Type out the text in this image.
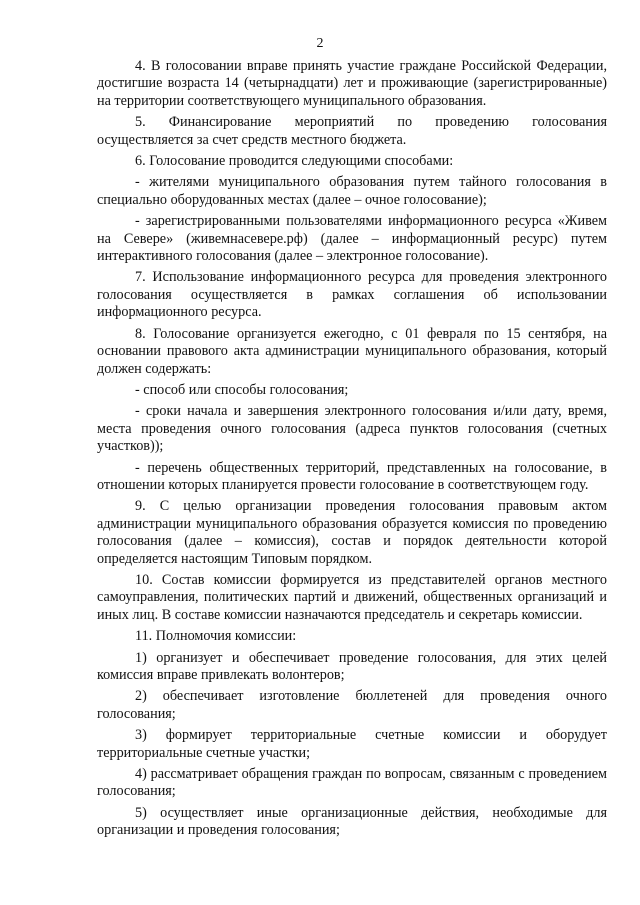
2

4. В голосовании вправе принять участие граждане Российской Федерации, достигшие возраста 14 (четырнадцати) лет и проживающие (зарегистрированные) на территории соответствующего муниципального образования.

5. Финансирование мероприятий по проведению голосования осуществляется за счет средств местного бюджета.

6. Голосование проводится следующими способами:

- жителями муниципального образования путем тайного голосования в специально оборудованных местах (далее – очное голосование);

- зарегистрированными пользователями информационного ресурса «Живем на Севере» (живемнасевере.рф) (далее – информационный ресурс) путем интерактивного голосования (далее – электронное голосование).

7. Использование информационного ресурса для проведения электронного голосования осуществляется в рамках соглашения об использовании информационного ресурса.

8. Голосование организуется ежегодно, с 01 февраля по 15 сентября, на основании правового акта администрации муниципального образования, который должен содержать:

- способ или способы голосования;

- сроки начала и завершения электронного голосования и/или дату, время, места проведения очного голосования (адреса пунктов голосования (счетных участков));

- перечень общественных территорий, представленных на голосование, в отношении которых планируется провести голосование в соответствующем году.

9. С целью организации проведения голосования правовым актом администрации муниципального образования образуется комиссия по проведению голосования (далее – комиссия), состав и порядок деятельности которой определяется настоящим Типовым порядком.

10. Состав комиссии формируется из представителей органов местного самоуправления, политических партий и движений, общественных организаций и иных лиц. В составе комиссии назначаются председатель и секретарь комиссии.

11. Полномочия комиссии:

1) организует и обеспечивает проведение голосования, для этих целей комиссия вправе привлекать волонтеров;

2) обеспечивает изготовление бюллетеней для проведения очного голосования;

3) формирует территориальные счетные комиссии и оборудует территориальные счетные участки;

4) рассматривает обращения граждан по вопросам, связанным с проведением голосования;

5) осуществляет иные организационные действия, необходимые для организации и проведения голосования;
